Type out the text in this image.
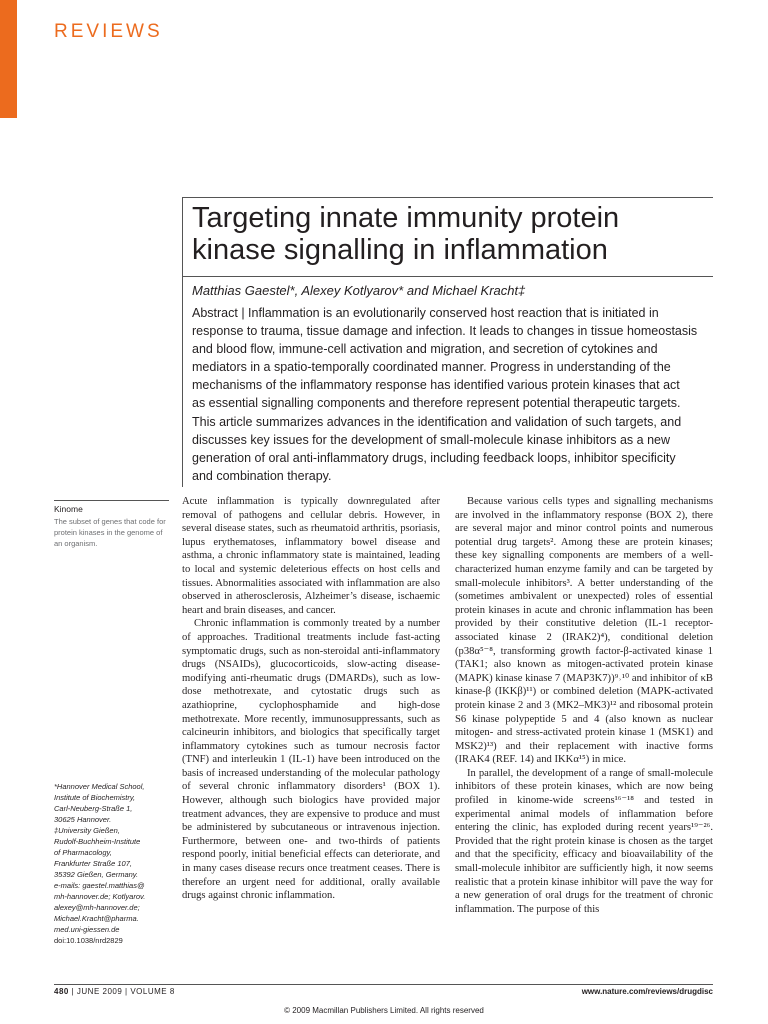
REVIEWS
Targeting innate immunity protein
kinase signalling in inflammation
Matthias Gaestel*, Alexey Kotlyarov* and Michael Kracht‡
Abstract | Inflammation is an evolutionarily conserved host reaction that is initiated in
response to trauma, tissue damage and infection. It leads to changes in tissue homeostasis
and blood flow, immune-cell activation and migration, and secretion of cytokines and
mediators in a spatio-temporally coordinated manner. Progress in understanding of the
mechanisms of the inflammatory response has identified various protein kinases that act
as essential signalling components and therefore represent potential therapeutic targets.
This article summarizes advances in the identification and validation of such targets, and
discusses key issues for the development of small-molecule kinase inhibitors as a new
generation of oral anti-inflammatory drugs, including feedback loops, inhibitor specificity
and combination therapy.
Kinome
The subset of genes that code for protein kinases in the genome of an organism.
*Hannover Medical School,
Institute of Biochemistry,
Carl-Neuberg-Straße 1,
30625 Hannover.
‡University Gießen,
Rudolf-Buchheim-Institute
of Pharmacology,
Frankfurter Straße 107,
35392 Gießen, Germany.
e-mails: gaestel.matthias@
mh-hannover.de; Kotlyarov.
alexey@mh-hannover.de;
Michael.Kracht@pharma.
med.uni-giessen.de
doi:10.1038/nrd2829

Acute inflammation is typically downregulated after removal of pathogens and cellular debris. However, in several disease states, such as rheumatoid arthritis, psoriasis, lupus erythematoses, inflammatory bowel disease and asthma, a chronic inflammatory state is maintained, leading to local and systemic deleterious effects on host cells and tissues. Abnormalities associated with inflammation are also observed in atherosclerosis, Alzheimer’s disease, ischaemic heart and brain diseases, and cancer.

Chronic inflammation is commonly treated by a number of approaches. Traditional treatments include fast-acting symptomatic drugs, such as non-steroidal anti-inflammatory drugs (NSAIDs), glucocorticoids, slow-acting disease-modifying anti-rheumatic drugs (DMARDs), such as low-dose methotrexate, and cytostatic drugs such as azathioprine, cyclophosphamide and high-dose methotrexate. More recently, immunosuppressants, such as calcineurin inhibitors, and biologics that specifically target inflammatory cytokines such as tumour necrosis factor (TNF) and interleukin 1 (IL-1) have been introduced on the basis of increased understanding of the molecular pathology of several chronic inflammatory disorders¹ (BOX 1). However, although such biologics have provided major treatment advances, they are expensive to produce and must be administered by subcutaneous or intravenous injection. Furthermore, between one- and two-thirds of patients respond poorly, initial beneficial effects can deteriorate, and in many cases disease recurs once treatment ceases. There is therefore an urgent need for additional, orally available drugs against chronic inflammation.

Because various cells types and signalling mechanisms are involved in the inflammatory response (BOX 2), there are several major and minor control points and numerous potential drug targets². Among these are protein kinases; these key signalling components are members of a well-characterized human enzyme family and can be targeted by small-molecule inhibitors³. A better understanding of the (sometimes ambivalent or unexpected) roles of essential protein kinases in acute and chronic inflammation has been provided by their constitutive deletion (IL-1 receptor-associated kinase 2 (IRAK2)⁴), conditional deletion (p38α⁵⁻⁸, transforming growth factor-β-activated kinase 1 (TAK1; also known as mitogen-activated protein kinase (MAPK) kinase kinase 7 (MAP3K7))⁹˒¹⁰ and inhibitor of κB kinase-β (IKKβ)¹¹) or combined deletion (MAPK-activated protein kinase 2 and 3 (MK2–MK3)¹² and ribosomal protein S6 kinase polypeptide 5 and 4 (also known as nuclear mitogen- and stress-activated protein kinase 1 (MSK1) and MSK2)¹³) and their replacement with inactive forms (IRAK4 (REF. 14) and IKKα¹⁵) in mice.

In parallel, the development of a range of small-molecule inhibitors of these protein kinases, which are now being profiled in kinome-wide screens¹⁶⁻¹⁸ and tested in experimental animal models of inflammation before entering the clinic, has exploded during recent years¹⁹⁻²⁶. Provided that the right protein kinase is chosen as the target and that the specificity, efficacy and bioavailability of the small-molecule inhibitor are sufficiently high, it now seems realistic that a protein kinase inhibitor will pave the way for a new generation of oral drugs for the treatment of chronic inflammation. The purpose of this

480 | JUNE 2009 | VOLUME 8	www.nature.com/reviews/drugdisc
© 2009 Macmillan Publishers Limited. All rights reserved
